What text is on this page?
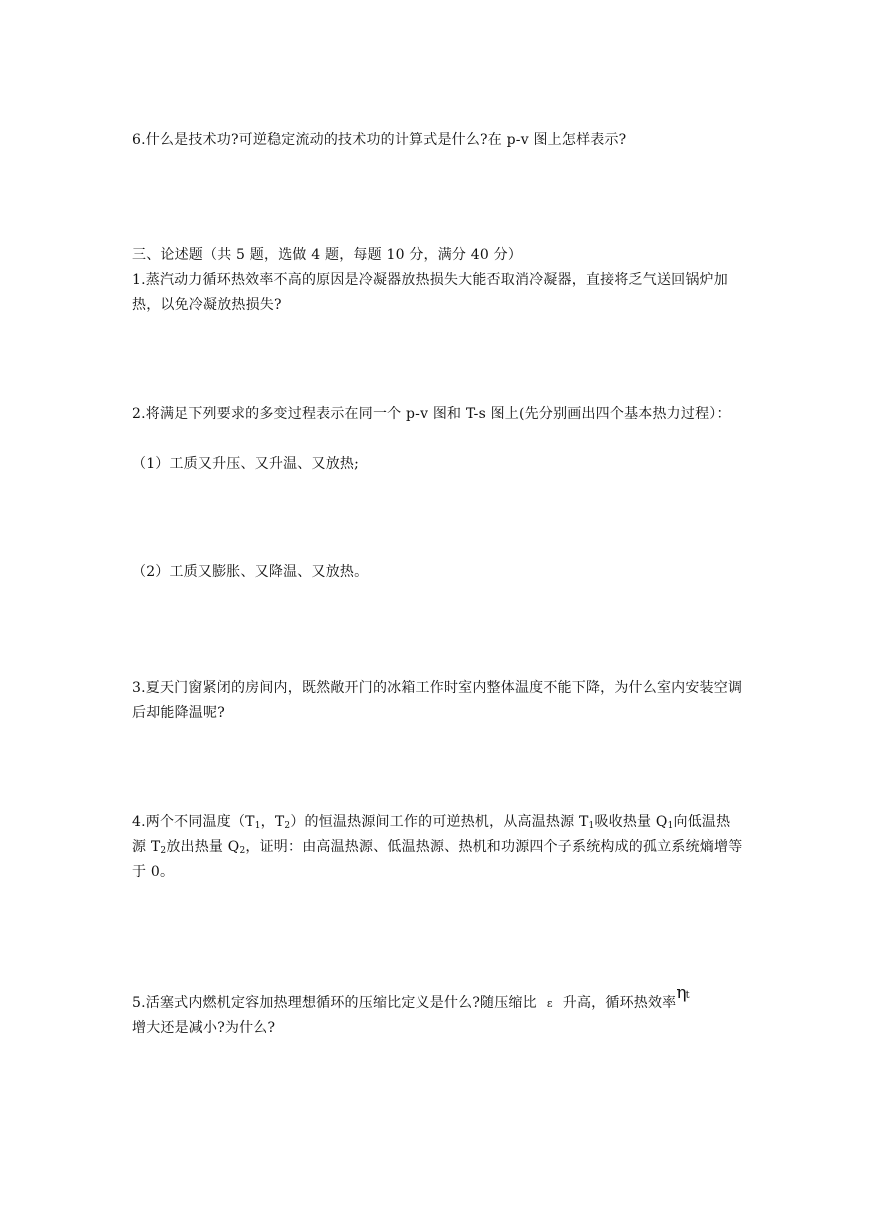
6.什么是技术功?可逆稳定流动的技术功的计算式是什么?在 p-v 图上怎样表示?
三、论述题（共 5 题，选做 4 题，每题 10 分，满分 40 分）
1.蒸汽动力循环热效率不高的原因是冷凝器放热损失大能否取消冷凝器，直接将乏气送回锅炉加热，以免冷凝放热损失?
2.将满足下列要求的多变过程表示在同一个 p-v 图和 T-s 图上(先分别画出四个基本热力过程）：
（1）工质又升压、又升温、又放热;
（2）工质又膨胀、又降温、又放热。
3.夏天门窗紧闭的房间内，既然敞开门的冰箱工作时室内整体温度不能下降，为什么室内安装空调后却能降温呢?
4.两个不同温度（$T_1$，$T_2$）的恒温热源间工作的可逆热机，从高温热源 $T_1$吸收热量 $Q_1$向低温热源 $T_2$放出热量 $Q_2$，证明：由高温热源、低温热源、热机和功源四个子系统构成的孤立系统熵增等于 0。
5.活塞式内燃机定容加热理想循环的压缩比定义是什么?随压缩比 ε 升高，循环热效率ηt
增大还是减小?为什么?
